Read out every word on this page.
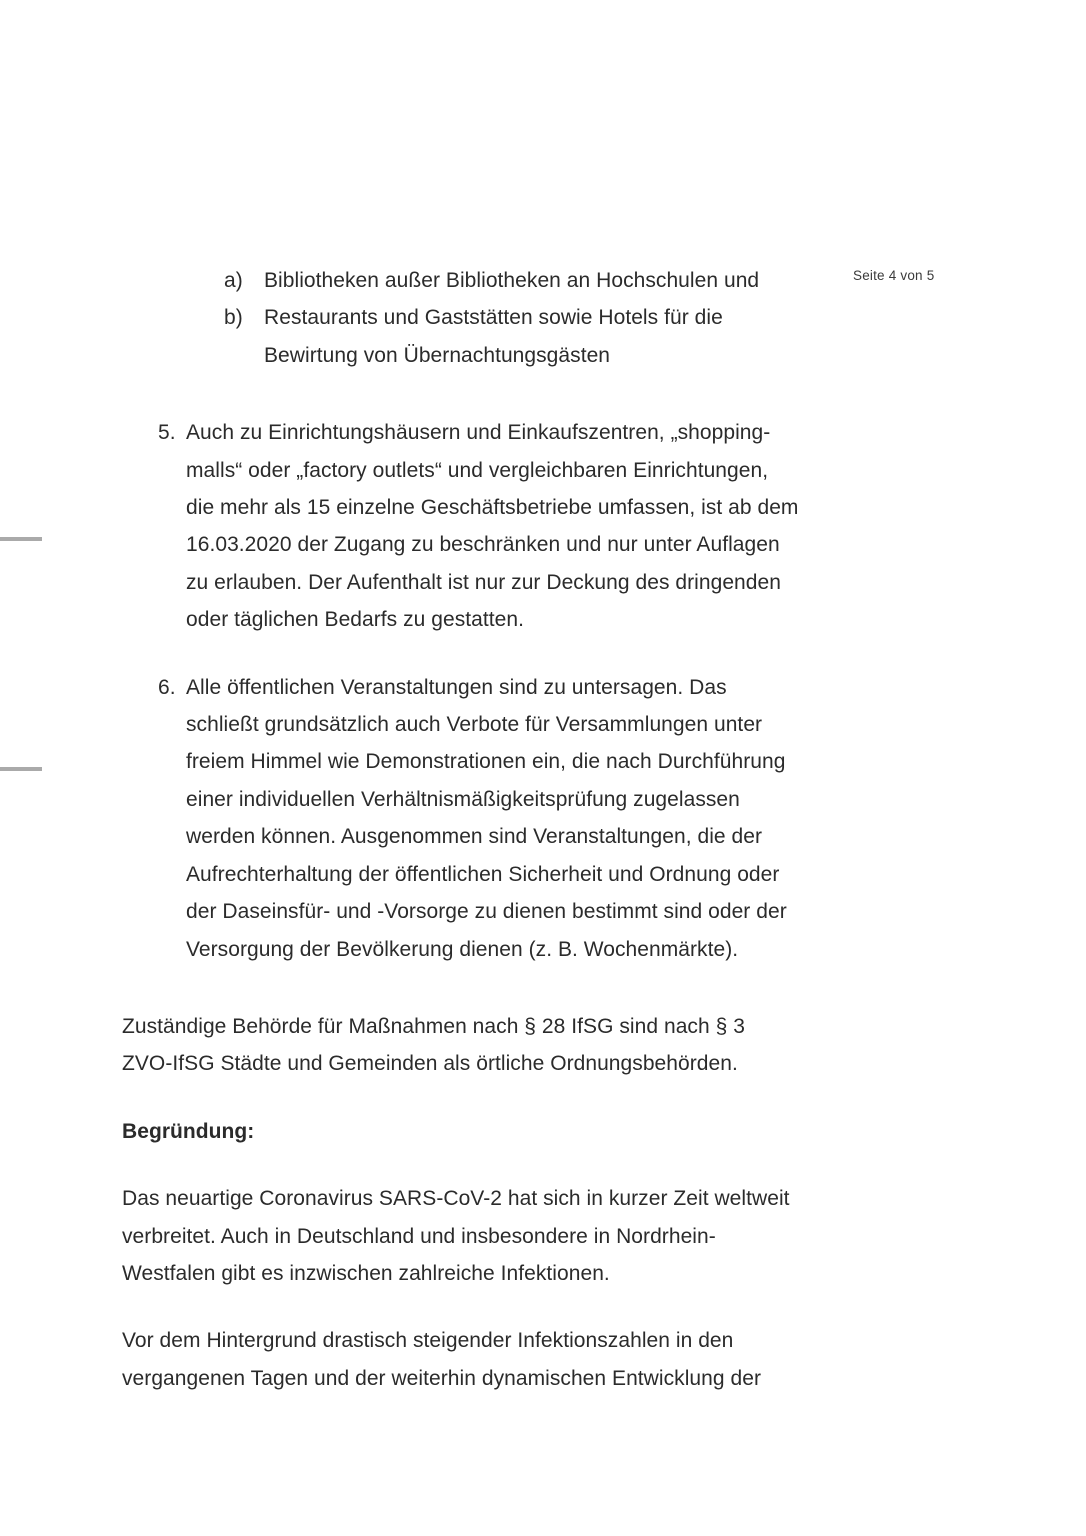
Seite 4 von 5
a)	Bibliotheken außer Bibliotheken an Hochschulen und
b)	Restaurants und Gaststätten sowie Hotels für die
Bewirtung von Übernachtungsgästen
5. Auch zu Einrichtungshäusern und Einkaufszentren, „shopping-
malls“ oder „factory outlets“ und vergleichbaren Einrichtungen,
die mehr als 15 einzelne Geschäftsbetriebe umfassen, ist ab dem
16.03.2020 der Zugang zu beschränken und nur unter Auflagen
zu erlauben. Der Aufenthalt ist nur zur Deckung des dringenden
oder täglichen Bedarfs zu gestatten.
6. Alle öffentlichen Veranstaltungen sind zu untersagen. Das
schließt grundsätzlich auch Verbote für Versammlungen unter
freiem Himmel wie Demonstrationen ein, die nach Durchführung
einer individuellen Verhältnismäßigkeitsprüfung zugelassen
werden können. Ausgenommen sind Veranstaltungen, die der
Aufrechterhaltung der öffentlichen Sicherheit und Ordnung oder
der Daseinsfür- und -Vorsorge zu dienen bestimmt sind oder der
Versorgung der Bevölkerung dienen (z. B. Wochenmärkte).
Zuständige Behörde für Maßnahmen nach § 28 IfSG sind nach § 3
ZVO-IfSG Städte und Gemeinden als örtliche Ordnungsbehörden.
Begründung:
Das neuartige Coronavirus SARS-CoV-2 hat sich in kurzer Zeit weltweit
verbreitet. Auch in Deutschland und insbesondere in Nordrhein-
Westfalen gibt es inzwischen zahlreiche Infektionen.
Vor dem Hintergrund drastisch steigender Infektionszahlen in den
vergangenen Tagen und der weiterhin dynamischen Entwicklung der
